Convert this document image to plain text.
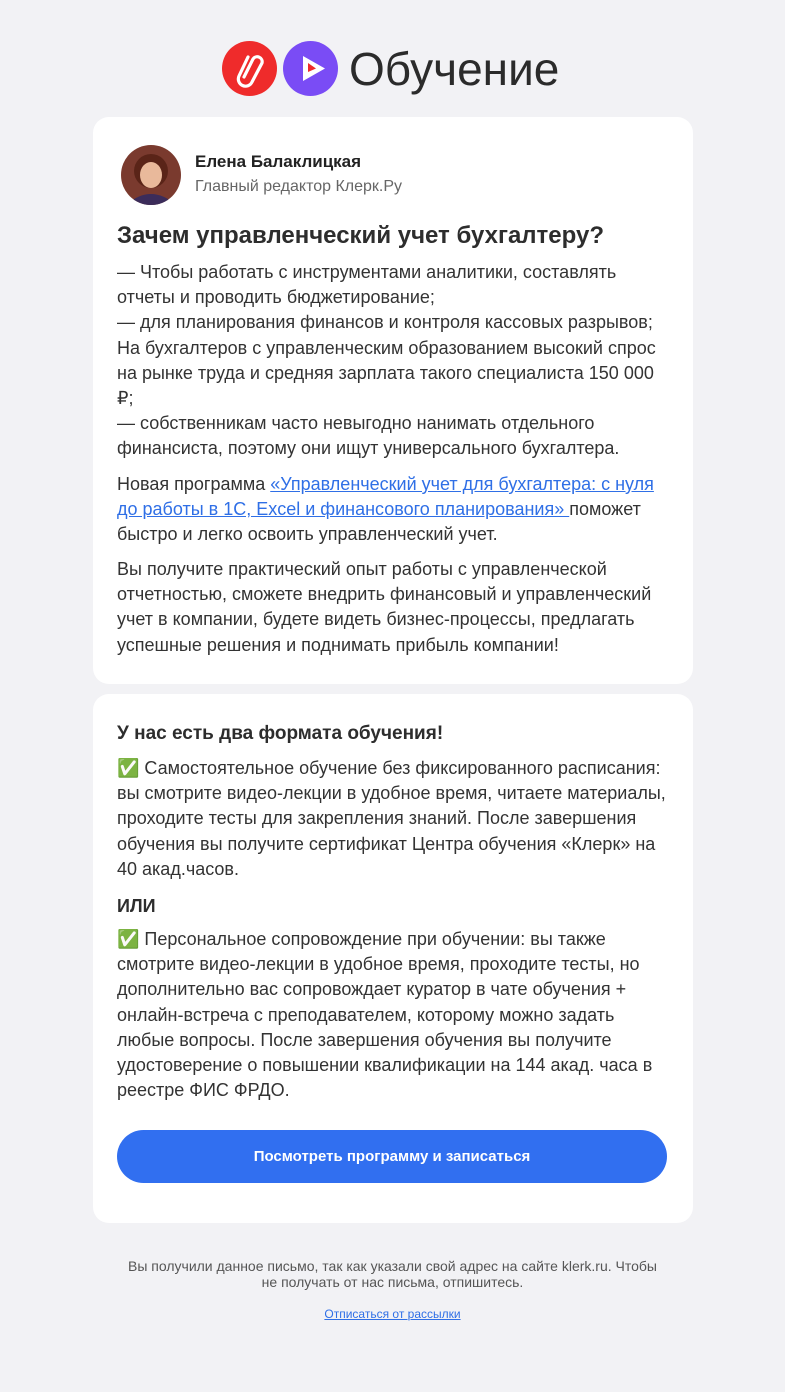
Обучение
Елена Балаклицкая
Главный редактор Клерк.Ру
Зачем управленческий учет бухгалтеру?

— Чтобы работать с инструментами аналитики, составлять отчеты и проводить бюджетирование;
— для планирования финансов и контроля кассовых разрывов; На бухгалтеров с управленческим образованием высокий спрос на рынке труда и средняя зарплата такого специалиста 150 000 ₽;
— собственникам часто невыгодно нанимать отдельного финансиста, поэтому они ищут универсального бухгалтера.

Новая программа «Управленческий учет для бухгалтера: с нуля до работы в 1С, Excel и финансового планирования» поможет быстро и легко освоить управленческий учет.

Вы получите практический опыт работы с управленческой отчетностью, сможете внедрить финансовый и управленческий учет в компании, будете видеть бизнес-процессы, предлагать успешные решения и поднимать прибыль компании!

У нас есть два формата обучения!

✅ Самостоятельное обучение без фиксированного расписания: вы смотрите видео-лекции в удобное время, читаете материалы, проходите тесты для закрепления знаний. После завершения обучения вы получите сертификат Центра обучения «Клерк» на 40 акад.часов.

ИЛИ

✅ Персональное сопровождение при обучении: вы также смотрите видео-лекции в удобное время, проходите тесты, но дополнительно вас сопровождает куратор в чате обучения + онлайн-встреча с преподавателем, которому можно задать любые вопросы. После завершения обучения вы получите удостоверение о повышении квалификации на 144 акад. часа в реестре ФИС ФРДО.

Посмотреть программу и записаться
Вы получили данное письмо, так как указали свой адрес на сайте klerk.ru. Чтобы не получать от нас письма, отпишитесь.
Отписаться от рассылки
